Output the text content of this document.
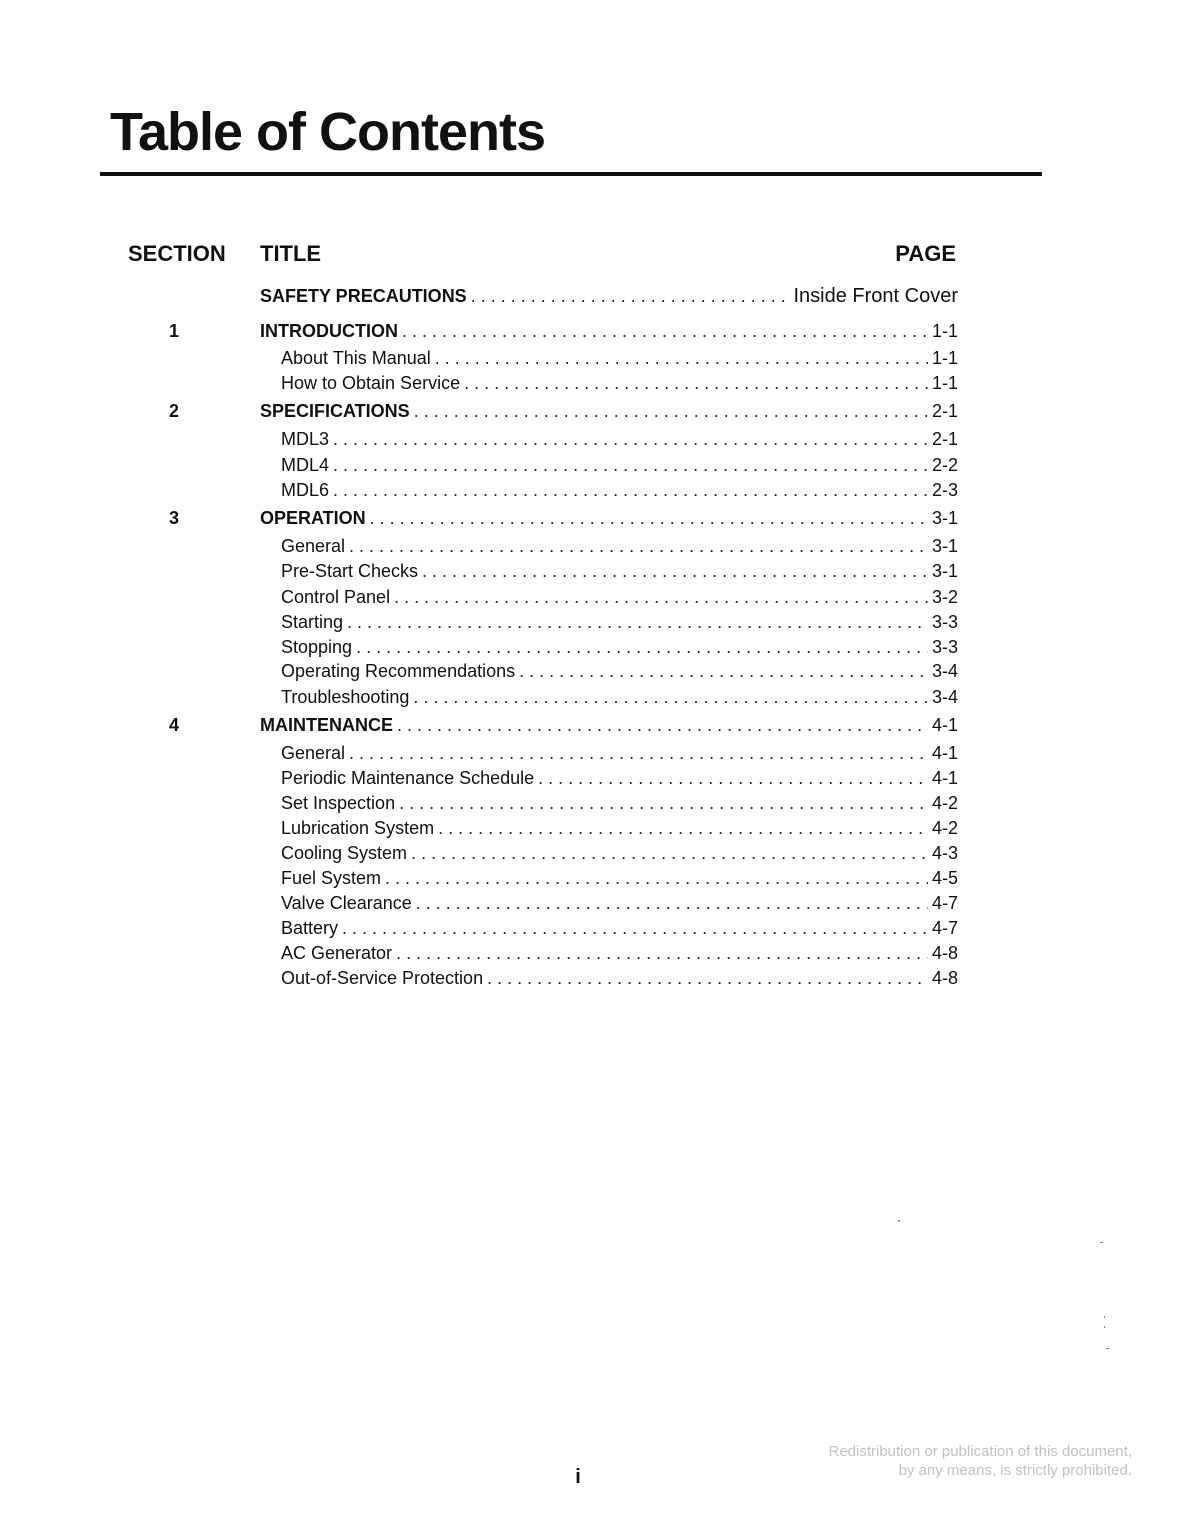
Table of Contents
SECTION TITLE	PAGE
SAFETY PRECAUTIONS . . .	Inside Front Cover
1	INTRODUCTION . . .	1-1
About This Manual . . .	1-1
How to Obtain Service . . .	1-1
2	SPECIFICATIONS . . .	2-1
MDL3 . . .	2-1
MDL4 . . .	2-2
MDL6 . . .	2-3
3	OPERATION . . .	3-1
General . . .	3-1
Pre-Start Checks . . .	3-1
Control Panel . . .	3-2
Starting . . .	3-3
Stopping . . .	3-3
Operating Recommendations . . .	3-4
Troubleshooting . . .	3-4
4	MAINTENANCE . . .	4-1
General . . .	4-1
Periodic Maintenance Schedule . . .	4-1
Set Inspection . . .	4-2
Lubrication System . . .	4-2
Cooling System . . .	4-3
Fuel System . . .	4-5
Valve Clearance . . .	4-7
Battery . . .	4-7
AC Generator . . .	4-8
Out-of-Service Protection . . .	4-8
i
Redistribution or publication of this document,
by any means, is strictly prohibited.
